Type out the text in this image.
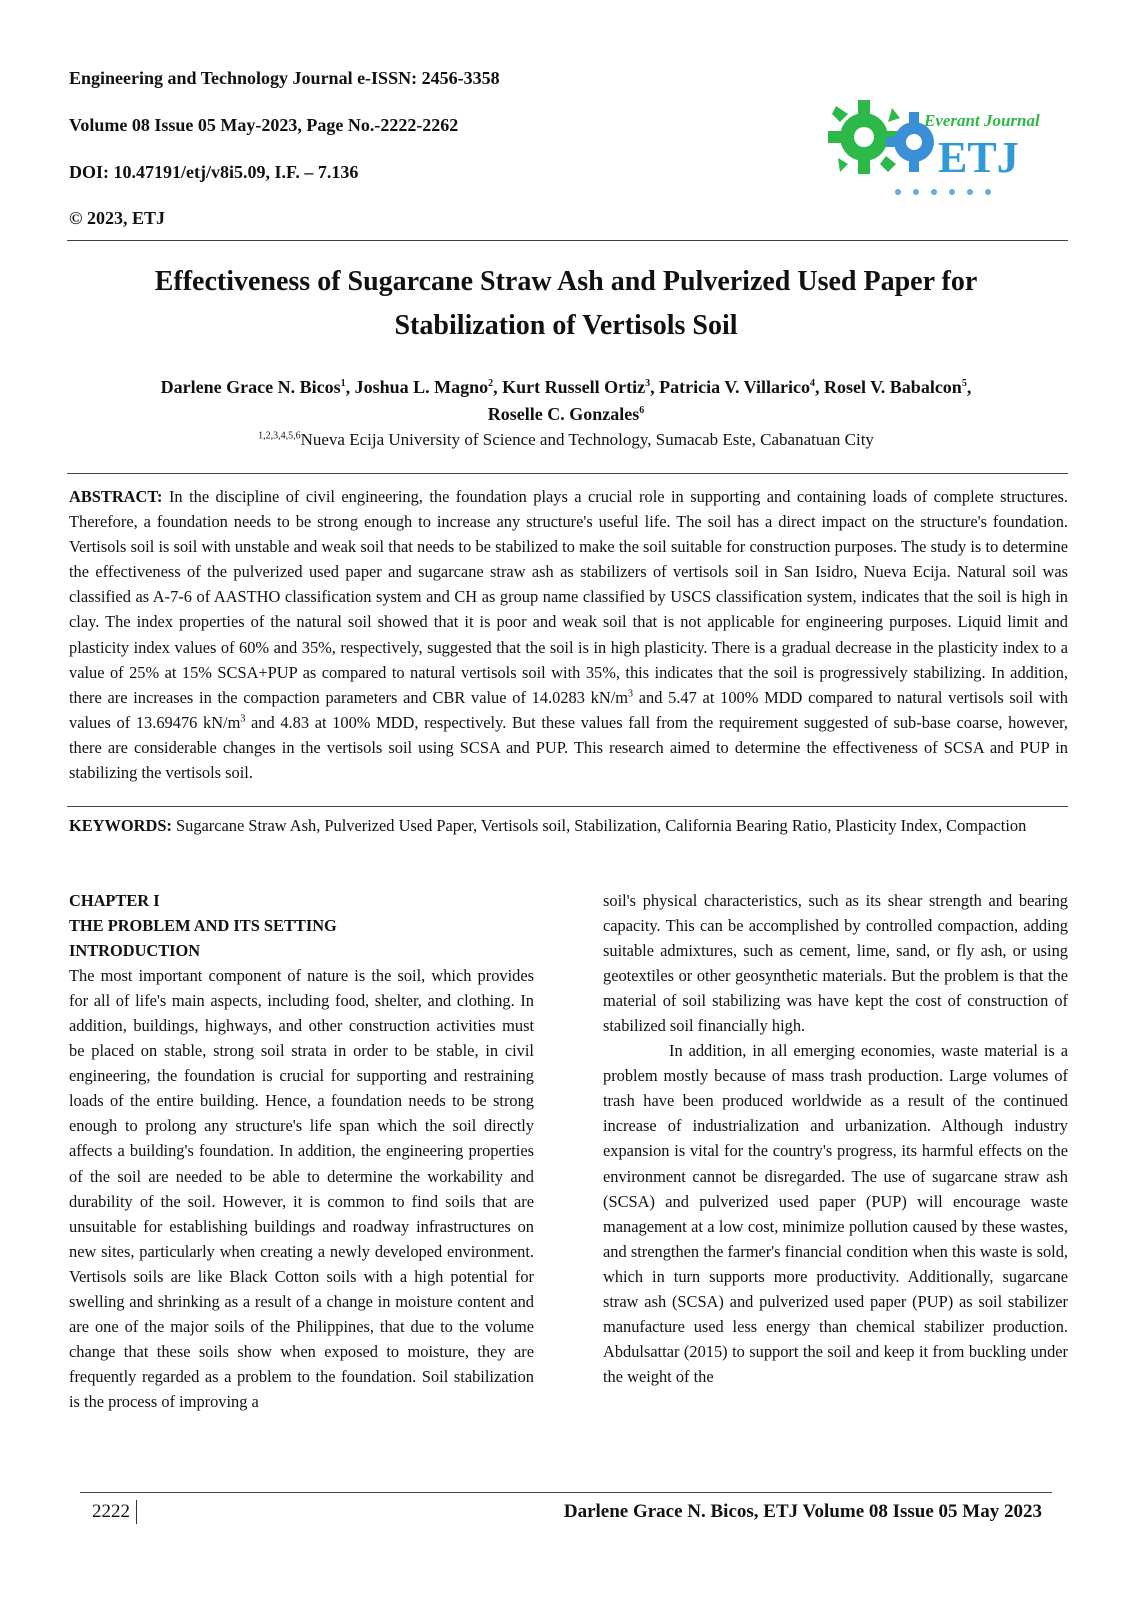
Engineering and Technology Journal e-ISSN: 2456-3358
Volume 08 Issue 05 May-2023, Page No.-2222-2262
DOI: 10.47191/etj/v8i5.09, I.F. – 7.136
© 2023, ETJ
Everant Journal
ETJ
Effectiveness of Sugarcane Straw Ash and Pulverized Used Paper for
Stabilization of Vertisols Soil
Darlene Grace N. Bicos$^1$, Joshua L. Magno$^2$, Kurt Russell Ortiz$^3$, Patricia V. Villarico$^4$, Rosel V. Babalcon$^5$,
Roselle C. Gonzales$^6$
$^{1,2,3,4,5,6}$Nueva Ecija University of Science and Technology, Sumacab Este, Cabanatuan City
ABSTRACT: In the discipline of civil engineering, the foundation plays a crucial role in supporting and containing loads of complete structures. Therefore, a foundation needs to be strong enough to increase any structure's useful life. The soil has a direct impact on the structure's foundation. Vertisols soil is soil with unstable and weak soil that needs to be stabilized to make the soil suitable for construction purposes. The study is to determine the effectiveness of the pulverized used paper and sugarcane straw ash as stabilizers of vertisols soil in San Isidro, Nueva Ecija. Natural soil was classified as A-7-6 of AASTHO classification system and CH as group name classified by USCS classification system, indicates that the soil is high in clay. The index properties of the natural soil showed that it is poor and weak soil that is not applicable for engineering purposes. Liquid limit and plasticity index values of 60% and 35%, respectively, suggested that the soil is in high plasticity. There is a gradual decrease in the plasticity index to a value of 25% at 15% SCSA+PUP as compared to natural vertisols soil with 35%, this indicates that the soil is progressively stabilizing. In addition, there are increases in the compaction parameters and CBR value of 14.0283 $kN/m^3$ and 5.47 at 100% MDD compared to natural vertisols soil with values of 13.69476 $kN/m^3$ and 4.83 at 100% MDD, respectively. But these values fall from the requirement suggested of sub-base coarse, however, there are considerable changes in the vertisols soil using SCSA and PUP. This research aimed to determine the effectiveness of SCSA and PUP in stabilizing the vertisols soil.
KEYWORDS: Sugarcane Straw Ash, Pulverized Used Paper, Vertisols soil, Stabilization, California Bearing Ratio, Plasticity Index, Compaction
CHAPTER I
THE PROBLEM AND ITS SETTING
INTRODUCTION

The most important component of nature is the soil, which provides for all of life's main aspects, including food, shelter, and clothing. In addition, buildings, highways, and other construction activities must be placed on stable, strong soil strata in order to be stable, in civil engineering, the foundation is crucial for supporting and restraining loads of the entire building. Hence, a foundation needs to be strong enough to prolong any structure's life span which the soil directly affects a building's foundation. In addition, the engineering properties of the soil are needed to be able to determine the workability and durability of the soil. However, it is common to find soils that are unsuitable for establishing buildings and roadway infrastructures on new sites, particularly when creating a newly developed environment. Vertisols soils are like Black Cotton soils with a high potential for swelling and shrinking as a result of a change in moisture content and are one of the major soils of the Philippines, that due to the volume change that these soils show when exposed to moisture, they are frequently regarded as a problem to the foundation. Soil stabilization is the process of improving a

soil's physical characteristics, such as its shear strength and bearing capacity. This can be accomplished by controlled compaction, adding suitable admixtures, such as cement, lime, sand, or fly ash, or using geotextiles or other geosynthetic materials. But the problem is that the material of soil stabilizing was have kept the cost of construction of stabilized soil financially high.

In addition, in all emerging economies, waste material is a problem mostly because of mass trash production. Large volumes of trash have been produced worldwide as a result of the continued increase of industrialization and urbanization. Although industry expansion is vital for the country's progress, its harmful effects on the environment cannot be disregarded. The use of sugarcane straw ash (SCSA) and pulverized used paper (PUP) will encourage waste management at a low cost, minimize pollution caused by these wastes, and strengthen the farmer's financial condition when this waste is sold, which in turn supports more productivity. Additionally, sugarcane straw ash (SCSA) and pulverized used paper (PUP) as soil stabilizer manufacture used less energy than chemical stabilizer production. Abdulsattar (2015) to support the soil and keep it from buckling under the weight of the

2222	Darlene Grace N. Bicos, ETJ Volume 08 Issue 05 May 2023
